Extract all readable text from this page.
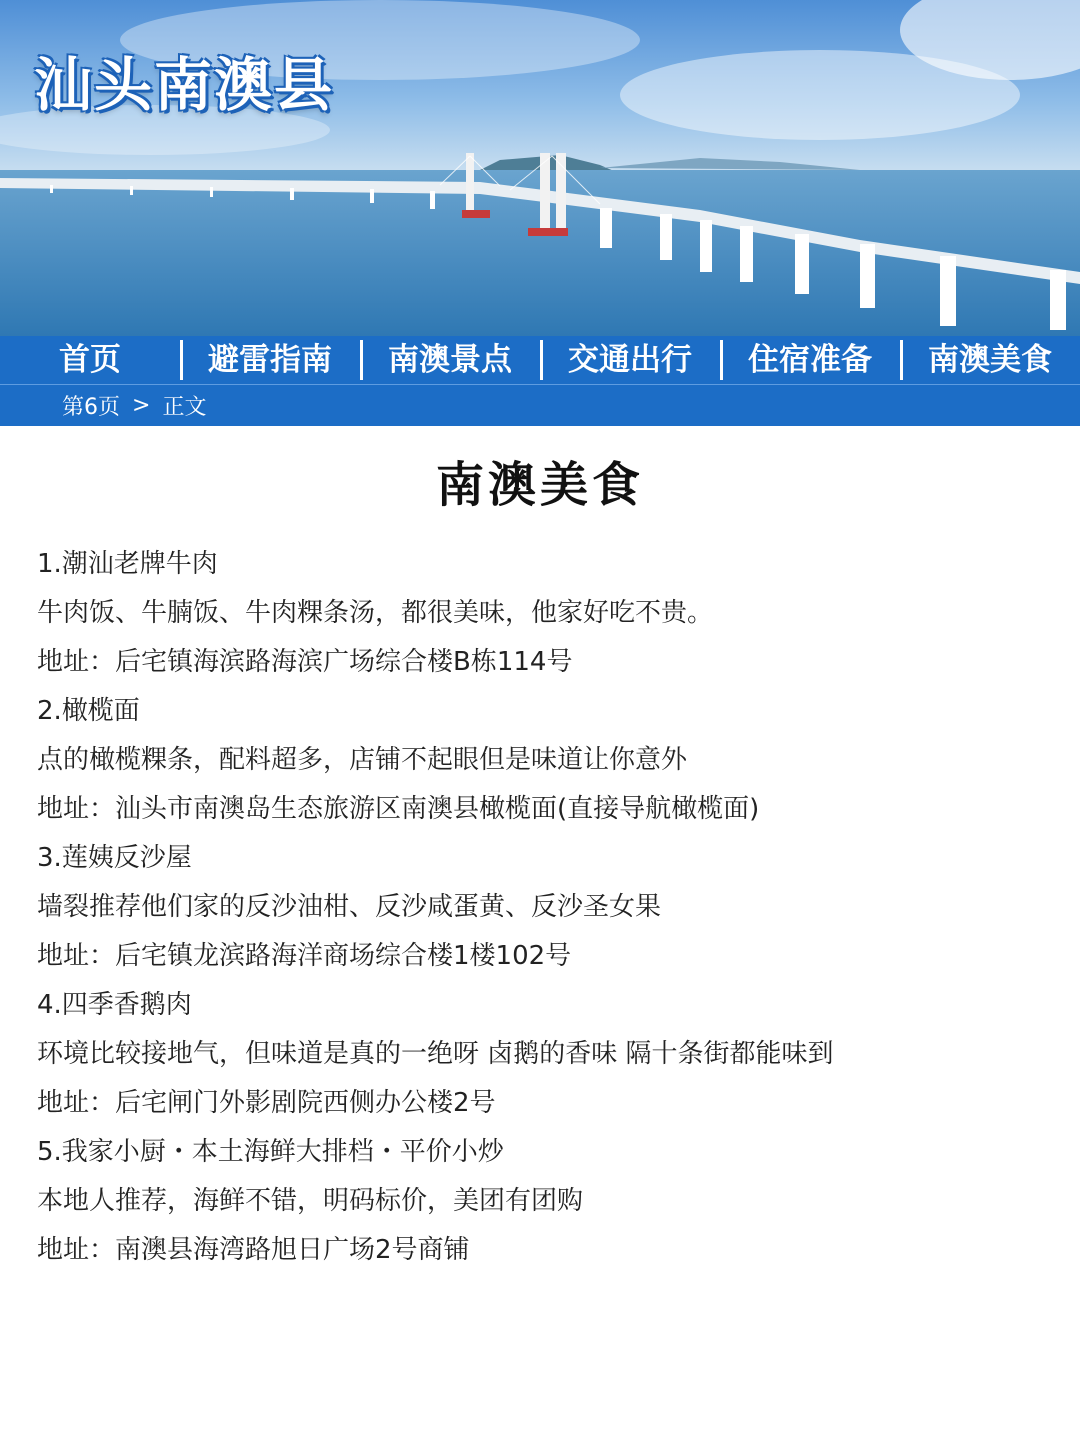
汕头南澳县
首页	避雷指南	南澳景点	交通出行	住宿准备	南澳美食
第6页 > 正文
南澳美食
1.潮汕老牌牛肉
牛肉饭、牛腩饭、牛肉粿条汤，都很美味，他家好吃不贵。
地址：后宅镇海滨路海滨广场综合楼B栋114号
2.橄榄面
点的橄榄粿条，配料超多，店铺不起眼但是味道让你意外
地址：汕头市南澳岛生态旅游区南澳县橄榄面(直接导航橄榄面)
3.莲姨反沙屋
墙裂推荐他们家的反沙油柑、反沙咸蛋黄、反沙圣女果
地址：后宅镇龙滨路海洋商场综合楼1楼102号
4.四季香鹅肉
环境比较接地气，但味道是真的一绝呀 卤鹅的香味 隔十条街都能味到
地址：后宅闸门外影剧院西侧办公楼2号
5.我家小厨・本土海鲜大排档・平价小炒
本地人推荐，海鲜不错，明码标价，美团有团购
地址：南澳县海湾路旭日广场2号商铺
